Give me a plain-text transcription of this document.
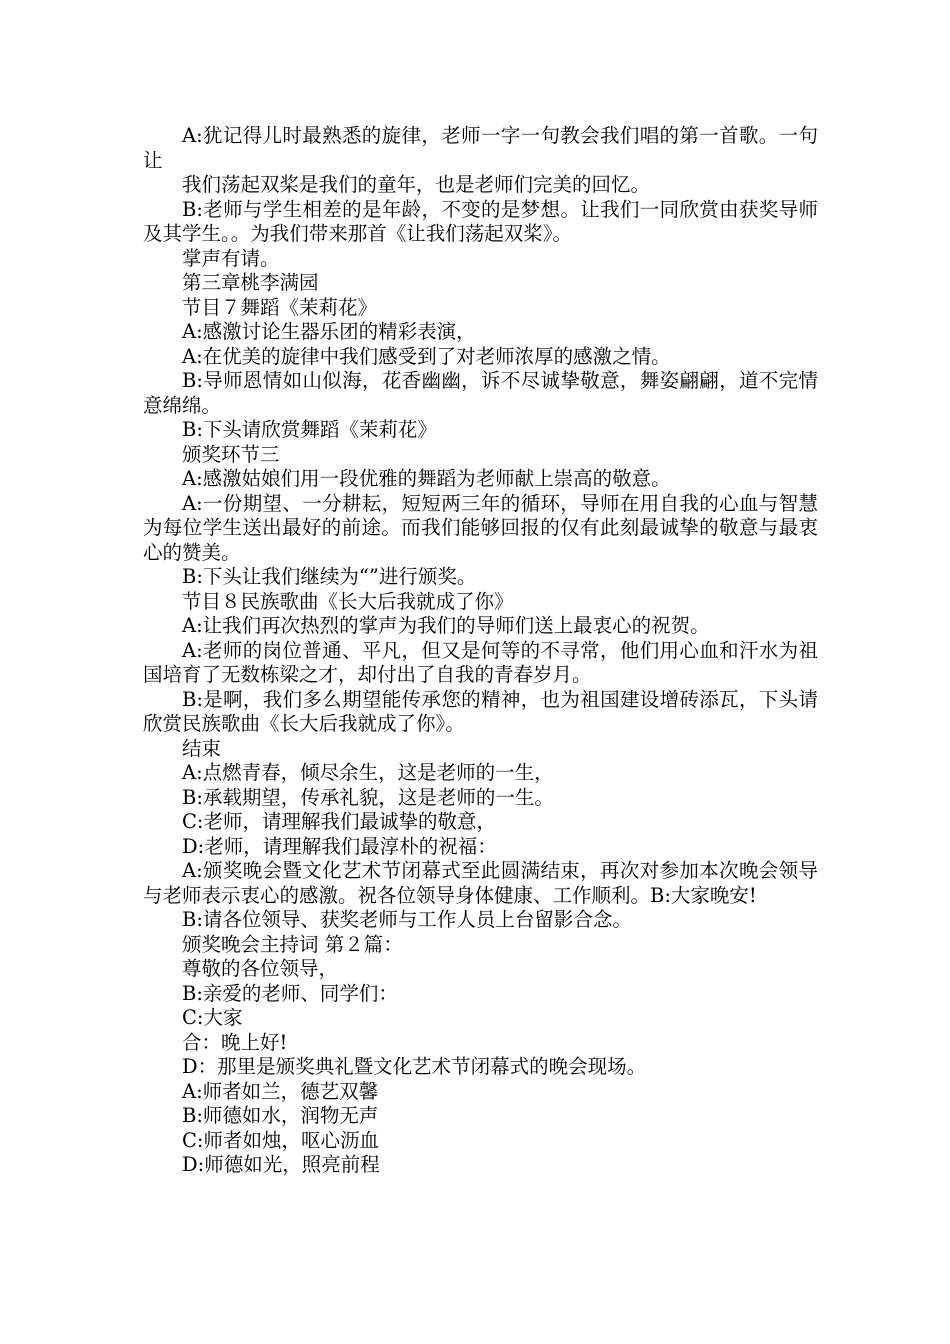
A:犹记得儿时最熟悉的旋律，老师一字一句教会我们唱的第一首歌。一句让

我们荡起双桨是我们的童年，也是老师们完美的回忆。

B:老师与学生相差的是年龄，不变的是梦想。让我们一同欣赏由获奖导师及其学生。。为我们带来那首《让我们荡起双桨》。

掌声有请。

第三章桃李满园

节目７舞蹈《茉莉花》

A:感激讨论生器乐团的精彩表演，

A:在优美的旋律中我们感受到了对老师浓厚的感激之情。

B:导师恩情如山似海，花香幽幽，诉不尽诚挚敬意，舞姿翩翩，道不完情意绵绵。

B:下头请欣赏舞蹈《茉莉花》

颁奖环节三

A:感激姑娘们用一段优雅的舞蹈为老师献上崇高的敬意。

A:一份期望、一分耕耘，短短两三年的循环，导师在用自我的心血与智慧为每位学生送出最好的前途。而我们能够回报的仅有此刻最诚挚的敬意与最衷心的赞美。

B:下头让我们继续为“”进行颁奖。

节目８民族歌曲《长大后我就成了你》

A:让我们再次热烈的掌声为我们的导师们送上最衷心的祝贺。

A:老师的岗位普通、平凡，但又是何等的不寻常，他们用心血和汗水为祖国培育了无数栋梁之才，却付出了自我的青春岁月。

B:是啊，我们多么期望能传承您的精神，也为祖国建设增砖添瓦，下头请欣赏民族歌曲《长大后我就成了你》。

结束

A:点燃青春，倾尽余生，这是老师的一生，

B:承载期望，传承礼貌，这是老师的一生。

C:老师，请理解我们最诚挚的敬意，

D:老师，请理解我们最淳朴的祝福：

A:颁奖晚会暨文化艺术节闭幕式至此圆满结束，再次对参加本次晚会领导与老师表示衷心的感激。祝各位领导身体健康、工作顺利。B:大家晚安!

B:请各位领导、获奖老师与工作人员上台留影合念。

颁奖晚会主持词 第２篇：

尊敬的各位领导，

B:亲爱的老师、同学们：

C:大家

合：晚上好!

D：那里是颁奖典礼暨文化艺术节闭幕式的晚会现场。

A:师者如兰，德艺双馨

B:师德如水，润物无声

C:师者如烛，呕心沥血

D:师德如光，照亮前程
